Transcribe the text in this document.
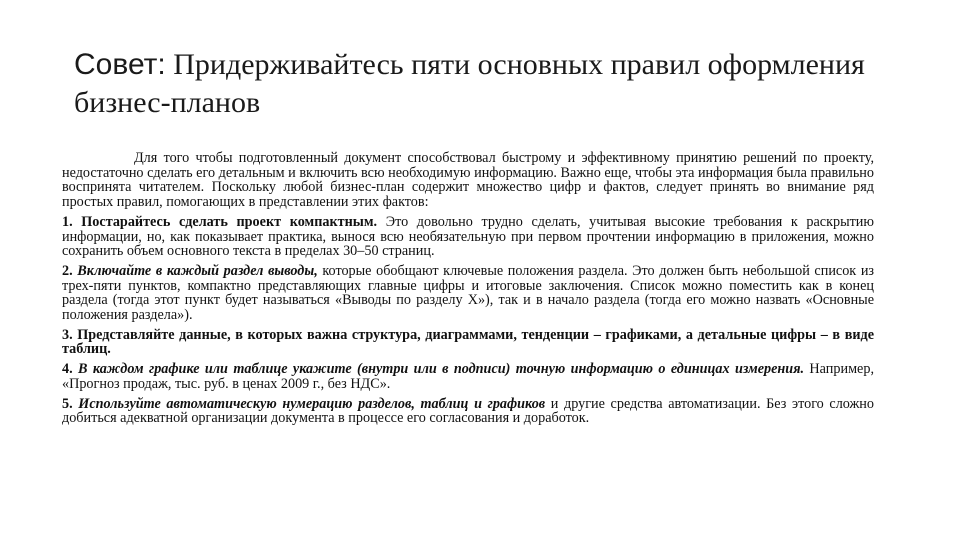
Совет: Придерживайтесь пяти основных правил оформления бизнес-планов

Для того чтобы подготовленный документ способствовал быстрому и эффективному принятию решений по проекту, недостаточно сделать его детальным и включить всю необходимую информацию. Важно еще, чтобы эта информация была правильно воспринята читателем. Поскольку любой бизнес-план содержит множество цифр и фактов, следует принять во внимание ряд простых правил, помогающих в представлении этих фактов:

1. Постарайтесь сделать проект компактным. Это довольно трудно сделать, учитывая высокие требования к раскрытию информации, но, как показывает практика, вынося всю необязательную при первом прочтении информацию в приложения, можно сохранить объем основного текста в пределах 30–50 страниц.

2. Включайте в каждый раздел выводы, которые обобщают ключевые положения раздела. Это должен быть небольшой список из трех-пяти пунктов, компактно представляющих главные цифры и итоговые заключения. Список можно поместить как в конец раздела (тогда этот пункт будет называться «Выводы по разделу X»), так и в начало раздела (тогда его можно назвать «Основные положения раздела»).

3. Представляйте данные, в которых важна структура, диаграммами, тенденции – графиками, а детальные цифры – в виде таблиц.

4. В каждом графике или таблице укажите (внутри или в подписи) точную информацию о единицах измерения. Например, «Прогноз продаж, тыс. руб. в ценах 2009 г., без НДС».

5. Используйте автоматическую нумерацию разделов, таблиц и графиков и другие средства автоматизации. Без этого сложно добиться адекватной организации документа в процессе его согласования и доработок.
